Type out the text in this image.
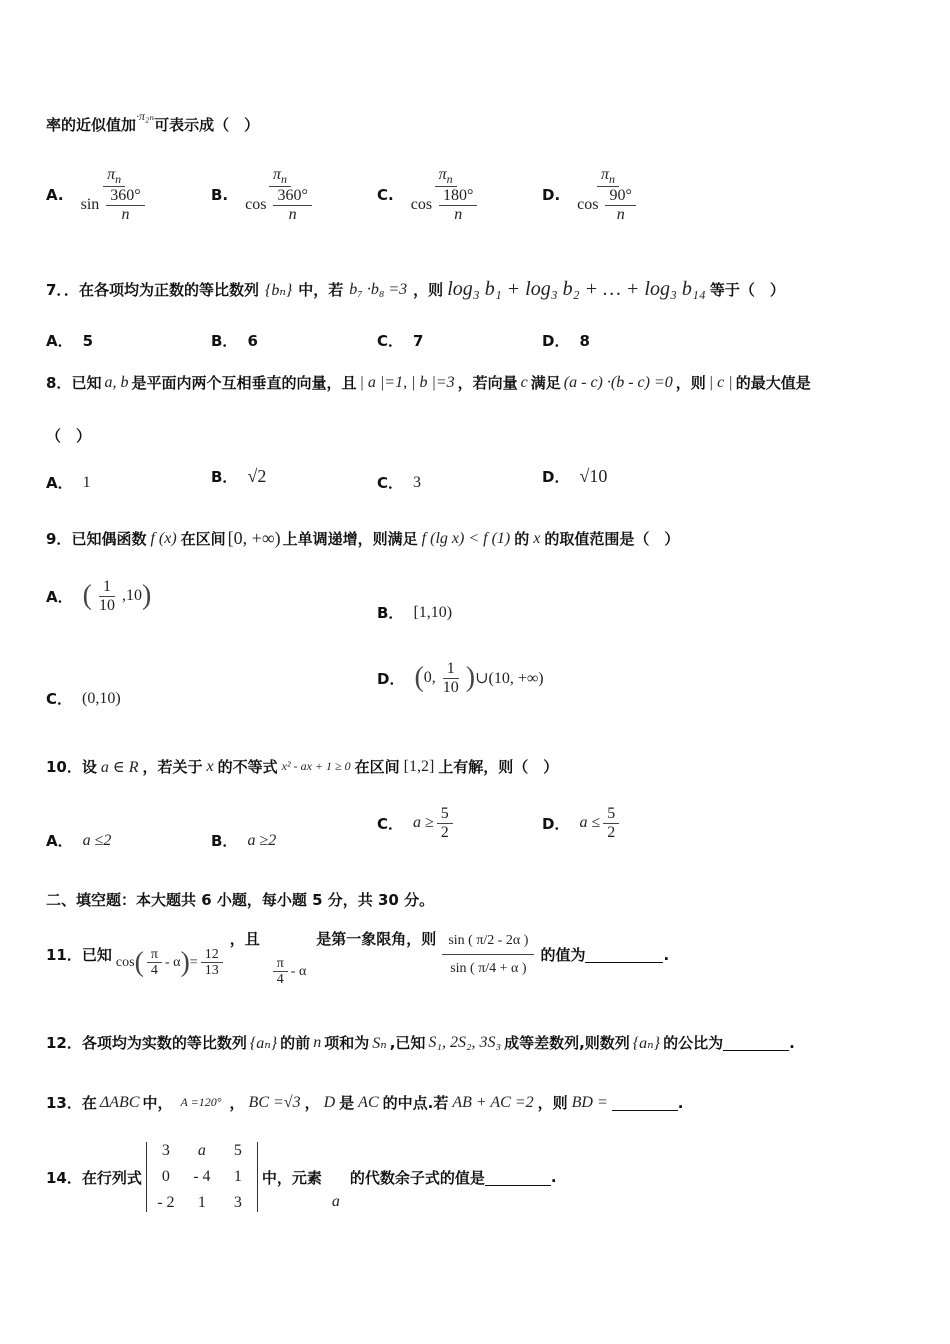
率的近似值加 ·π₂ₙ 可表示成（　）
A. $\frac{\pi_n}{\sin \frac{360^\circ}{n}}$	B. $\frac{\pi_n}{\cos \frac{360^\circ}{n}}$	C. $\frac{\pi_n}{\cos \frac{180^\circ}{n}}$	D. $\frac{\pi_n}{\cos \frac{90^\circ}{n}}$
7．． 在各项均为正数的等比数列 {bₙ} 中，若 b₇ ·b₈ =3 ，则 log₃ b₁ + log₃ b₂ + … + log₃ b₁₄ 等于（　）
A． 5	B． 6	C． 7	D． 8
8． 已知 a, b 是平面内两个互相垂直的向量，且 | a |=1, | b |=3 ，若向量 c 满足 (a - c) ·(b - c) =0 ，则 | c | 的最大值是
（　）
A． 1	B． √2	C． 3	D． √10
9． 已知偶函数 f (x) 在区间 [0, +∞) 上单调递增，则满足 f (lg x) < f (1) 的 x 的取值范围是（　）
A． ( $\frac{1}{10} ,10$ )
B． [1,10)
C． (0,10)
D． ( 0, $\frac{1}{10}$ ) ∪(10, +∞)
10． 设 a ∈ R ，若关于 x 的不等式 x² - ax + 1 ≥ 0 在区间 [1,2] 上有解，则（　）
A． a ≤2	B． a ≥2
C． $a \ge \frac{5}{2}$	D． $a \le \frac{5}{2}$
二、填空题：本大题共 6 小题，每小题 5 分，共 30 分。
11． 已知 cos ( $\frac{\pi}{4}$ - α ) = $\frac{12}{13}$
，且
$\frac{\pi}{4}$ - α
是第一象限角，则 $\frac{\sin ( \pi/2 - 2\alpha )}{\sin ( \pi/4 + \alpha )}$ 的值为	.
12． 各项均为实数的等比数列 {aₙ} 的前 n 项和为 Sₙ ,已知 S₁, 2S₂, 3S₃ 成等差数列,则数列 {aₙ} 的公比为	.
13． 在 ΔABC 中， A =120° ， BC =√3 ， D 是 AC 的中点.若 AB + AC =2 ，则 BD =	.
14． 在行列式
3	a	5
0	- 4	1
- 2	1	3
中，元素
a
的代数余子式的值是	.
